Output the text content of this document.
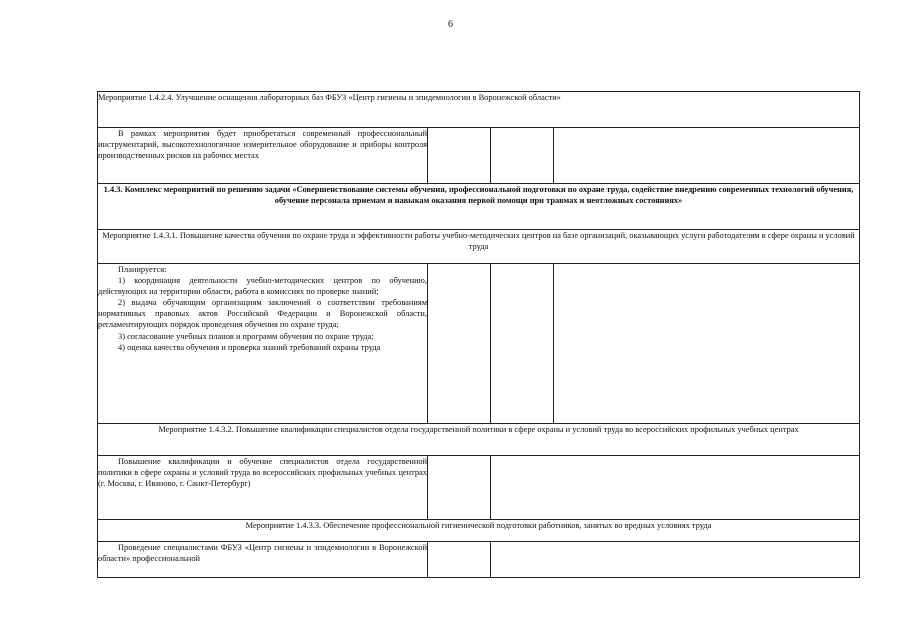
6
Мероприятие 1.4.2.4. Улучшение оснащения лабораторных баз ФБУЗ «Центр гигиены и эпидемиологии в Воронежской области»			

В рамках мероприятия будет приобретаться современный профессиональный инструментарий, высокотехнологичное измерительное оборудование и приборы контроля производственных рисков на рабочих местах			

1.4.3. Комплекс мероприятий по решению задачи «Совершенствование системы обучения, профессиональной подготовки по охране труда, содействие внедрению современных технологий обучения, обучение персонала приемам и навыкам оказания первой помощи при травмах и неотложных состояниях»			
Мероприятие 1.4.3.1. Повышение качества обучения по охране труда и эффективности работы учебно-методических центров на базе организаций, оказывающих услуги работодателям в сфере охраны и условий труда			

Планируется:

1) координация деятельности учебно-методических центров по обучению, действующих на территории области, работа в комиссиях по проверке знаний;

2) выдача обучающим организациям заключений о соответствии требованиям нормативных правовых актов Российской Федерации и Воронежской области, регламентирующих порядок проведения обучения по охране труда;

3) согласование учебных планов и программ обучения по охране труда;

4) оценка качества обучения и проверка знаний требований охраны труда			

Мероприятие 1.4.3.2. Повышение квалификации специалистов отдела государственной политики в сфере охраны и условий труда во всероссийских профильных учебных центрах			

Повышение квалификации и обучение специалистов отдела государственной политики в сфере охраны и условий труда во всероссийских профильных учебных центрах (г. Москва, г. Иваново, г. Санкт-Петербург)			

Мероприятие 1.4.3.3. Обеспечение профессиональной гигиенической подготовки работников, занятых во вредных условиях труда			

Проведение специалистами ФБУЗ «Центр гигиены и эпидемиологии в Воронежской области» профессиональной			
